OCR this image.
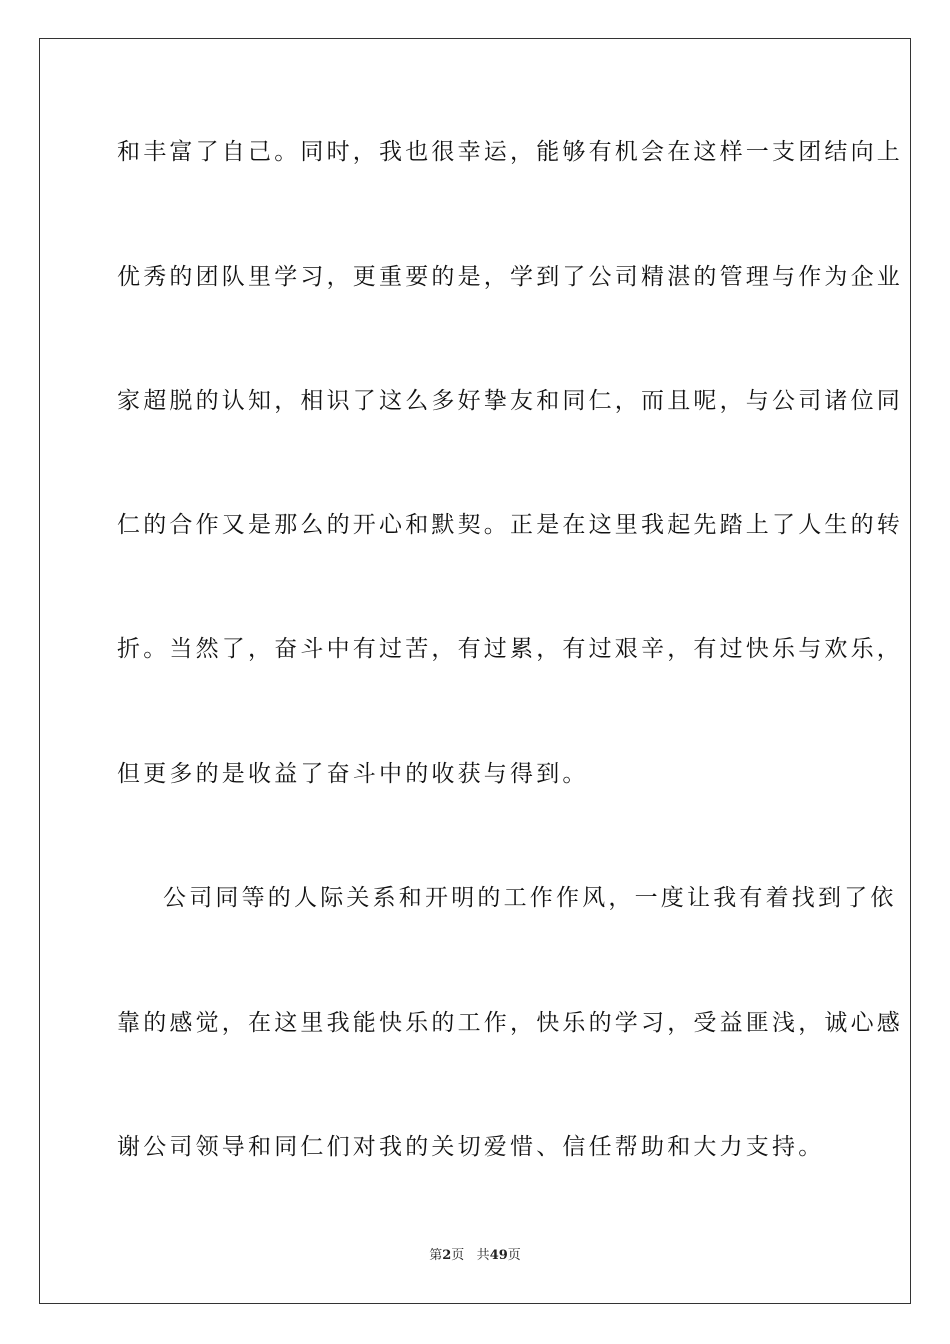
和丰富了自己。同时，我也很幸运，能够有机会在这样一支团结向上
优秀的团队里学习，更重要的是，学到了公司精湛的管理与作为企业
家超脱的认知，相识了这么多好挚友和同仁，而且呢，与公司诸位同
仁的合作又是那么的开心和默契。正是在这里我起先踏上了人生的转
折。当然了，奋斗中有过苦，有过累，有过艰辛，有过快乐与欢乐，
但更多的是收益了奋斗中的收获与得到。
公司同等的人际关系和开明的工作作风，一度让我有着找到了依
靠的感觉，在这里我能快乐的工作，快乐的学习，受益匪浅，诚心感
谢公司领导和同仁们对我的关切爱惜、信任帮助和大力支持。
第2页 共49页
